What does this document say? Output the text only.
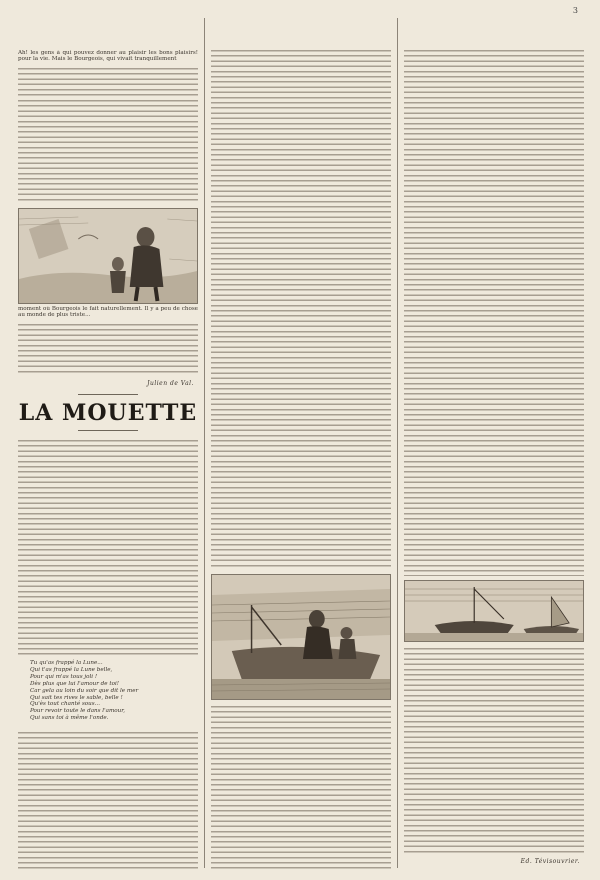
3
Ah! les gens à qui pouvez donner au plaisir les bons plaisirs! pour la vie. Mais le Bourgeois, qui vivait tranquillement
moment où Bourgeois le fait naturellement. Il y a peu de chose au monde de plus triste...
Julien de Val.
LA MOUETTE
Tu qu'as frappé la Lune...
Qui t'as frappé la Lune belle,
Pour qui m'as tous joli !
Dès plus que lui l'amour de toi!
Car gela au loin du soir que dit le mer
Qui sait tes rives le sable, belle !
Qu'ès tout chanté sous...
Pour revoir toute le dans l'amour,
Qui sans toi à même l'onde.
Ed. Tévisouvrier.
